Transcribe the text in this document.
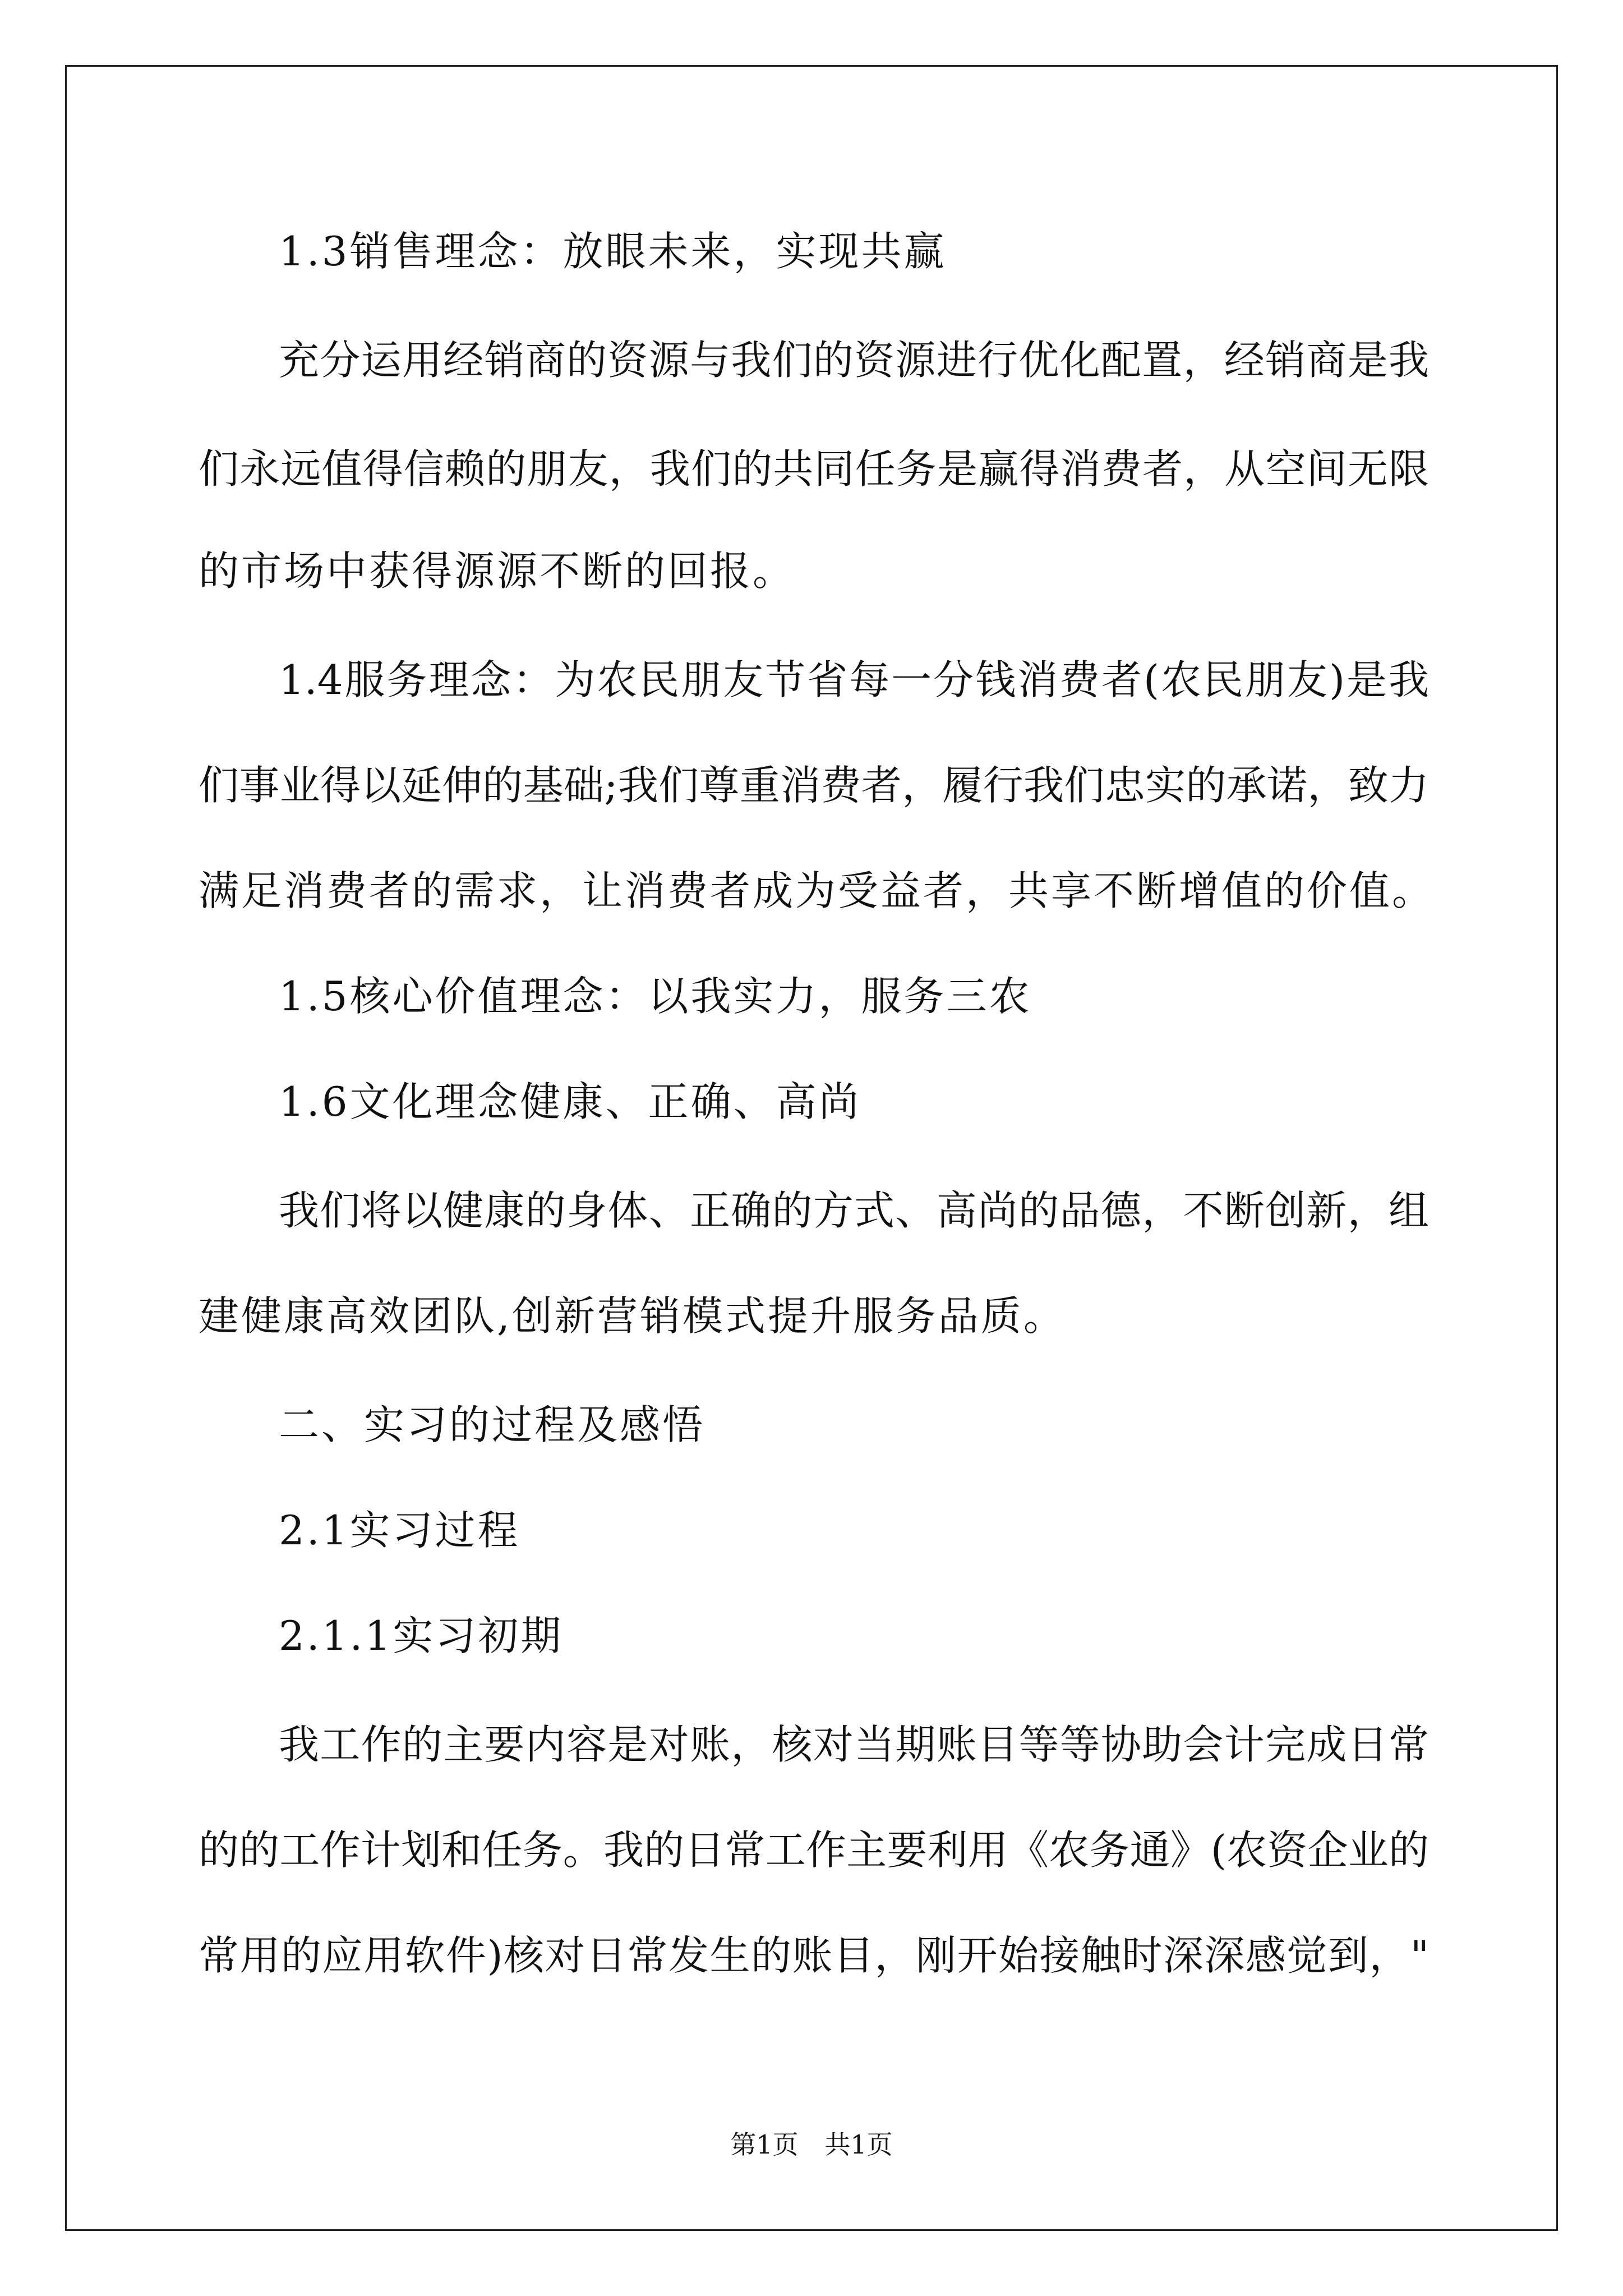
1.3销售理念：放眼未来，实现共赢
充分运用经销商的资源与我们的资源进行优化配置，经销商是我
们永远值得信赖的朋友，我们的共同任务是赢得消费者，从空间无限
的市场中获得源源不断的回报。
1.4服务理念：为农民朋友节省每一分钱消费者(农民朋友)是我
们事业得以延伸的基础;我们尊重消费者，履行我们忠实的承诺，致力
满足消费者的需求，让消费者成为受益者，共享不断增值的价值。
1.5核心价值理念：以我实力，服务三农
1.6文化理念健康、正确、高尚
我们将以健康的身体、正确的方式、高尚的品德，不断创新，组
建健康高效团队,创新营销模式提升服务品质。
二、实习的过程及感悟
2.1实习过程
2.1.1实习初期
我工作的主要内容是对账，核对当期账目等等协助会计完成日常
的的工作计划和任务。我的日常工作主要利用《农务通》(农资企业的
常用的应用软件)核对日常发生的账目，刚开始接触时深深感觉到，"
第1页 共1页
